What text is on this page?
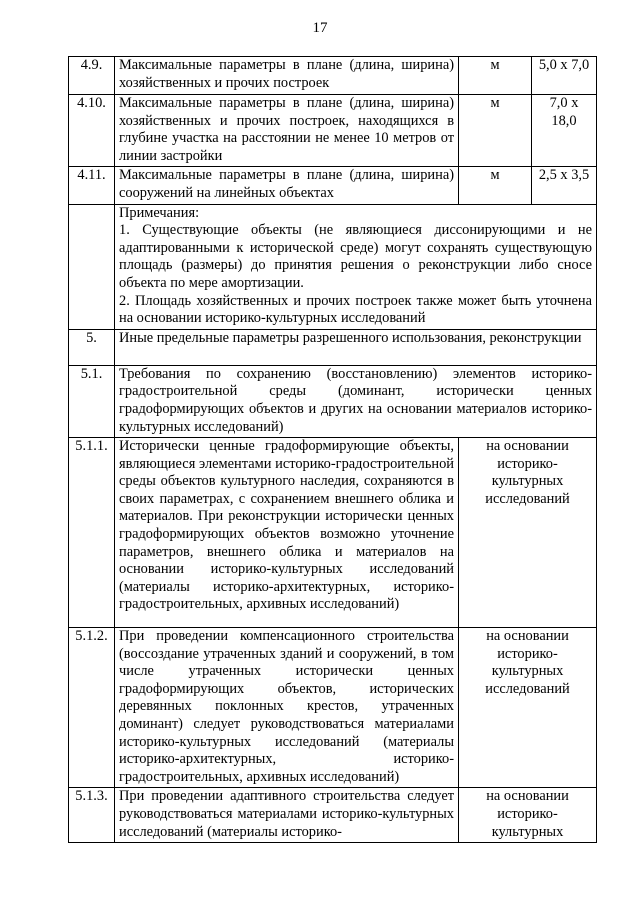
17
4.9.	Максимальные параметры в плане (длина, ширина) хозяйственных и прочих построек	м	5,0 х 7,0
4.10.	Максимальные параметры в плане (длина, ширина) хозяйственных и прочих построек, находящихся в глубине участка на расстоянии не менее 10 метров от линии застройки	м	7,0 х 18,0
4.11.	Максимальные параметры в плане (длина, ширина) сооружений на линейных объектах	м	2,5 х 3,5

	Примечания:
1. Существующие объекты (не являющиеся диссонирующими и не адаптированными к исторической среде) могут сохранять существующую площадь (размеры) до принятия решения о реконструкции либо сносе объекта по мере амортизации.
2. Площадь хозяйственных и прочих построек также может быть уточнена на основании историко-культурных исследований		

5.	Иные предельные параметры разрешенного использования, реконструкции		
5.1.	Требования по сохранению (восстановлению) элементов историко-градостроительной среды (доминант, исторически ценных градоформирующих объектов и других на основании материалов историко-культурных исследований)		
5.1.1.	Исторически ценные градоформирующие объекты, являющиеся элементами историко-градостроительной среды объектов культурного наследия, сохраняются в своих параметрах, с сохранением внешнего облика и материалов. При реконструкции исторически ценных градоформирующих объектов возможно уточнение параметров, внешнего облика и материалов на основании историко-культурных исследований (материалы историко-архитектурных, историко-градостроительных, архивных исследований)	на основании историко-культурных исследований	
5.1.2.	При проведении компенсационного строительства (воссоздание утраченных зданий и сооружений, в том числе утраченных исторически ценных градоформирующих объектов, исторических деревянных поклонных крестов, утраченных доминант) следует руководствоваться материалами историко-культурных исследований (материалы историко-архитектурных, историко-градостроительных, архивных исследований)	на основании историко-культурных исследований	
5.1.3.	При проведении адаптивного строительства следует руководствоваться материалами историко-культурных исследований (материалы историко-	на основании историко-культурных	
